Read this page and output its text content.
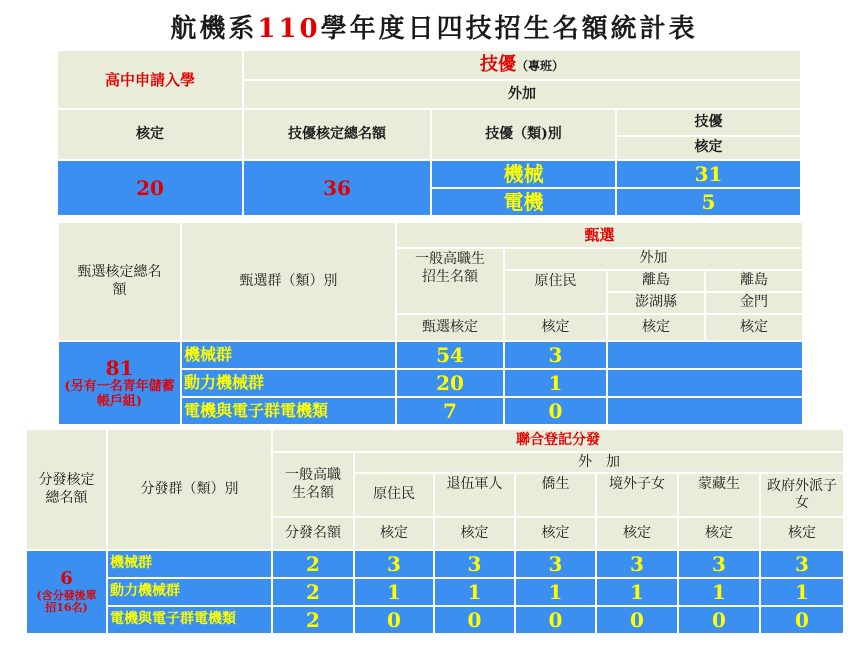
航機系110學年度日四技招生名額統計表
高中申請入學	技優（專班）		
	外加		
核定	技優核定總名額	技優（類)別	技優
			核定
20	36	機械	31
		電機	5
甄選核定總名額	甄選群（類）別	甄選			
		一般高職生招生名額	外加		
			原住民	離島	離島
				澎湖縣	金門
		甄選核定	核定	核定	核定

81
(另有一名青年儲蓄帳戶組)	機械群	54	3		
	動力機械群	20	1		
	電機與電子群電機類	7	0		
分發核定總名額	分發群（類）別	聯合登記分發						
		一般高職生名額	外　加					
			原住民	退伍軍人	僑生	境外子女	蒙藏生	政府外派子女
		分發名額	核定	核定	核定	核定	核定	核定

6
(含分發後單招16名)	機械群	2	3	3	3	3	3	3
	動力機械群	2	1	1	1	1	1	1
	電機與電子群電機類	2	0	0	0	0	0	0
